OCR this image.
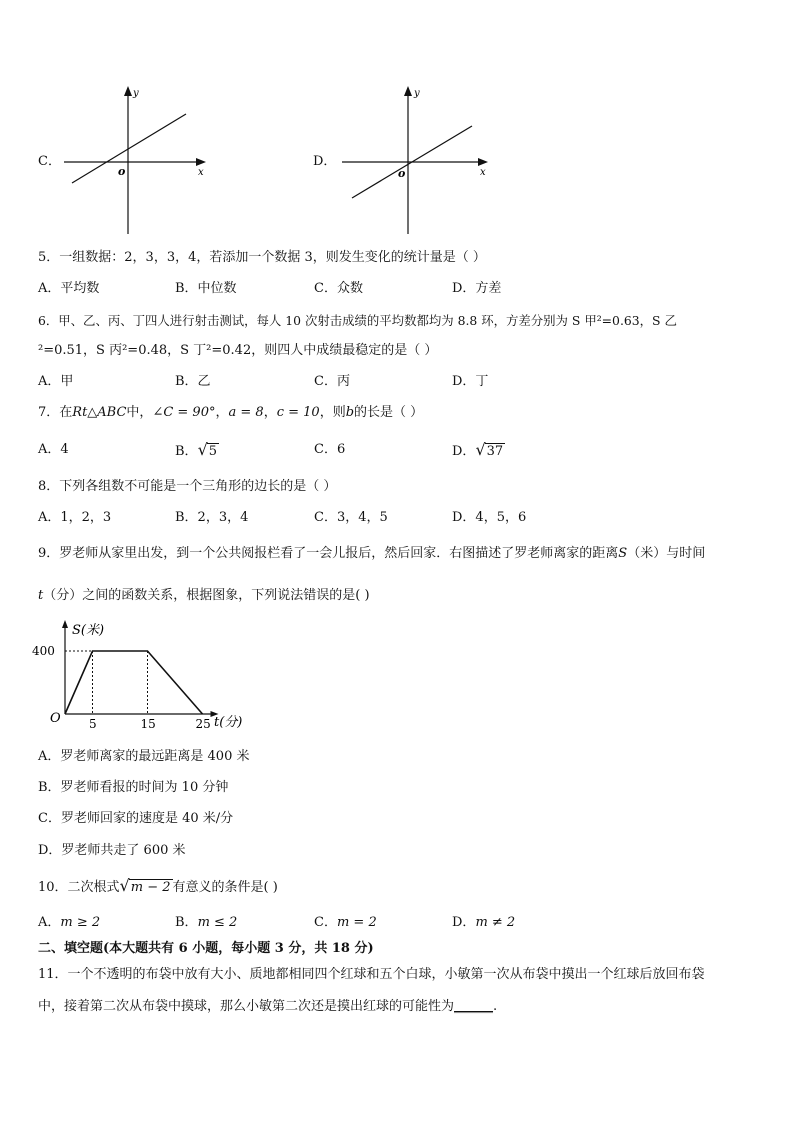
C．
y
x
o
D．
y
x
o
5．一组数据：2，3，3，4，若添加一个数据 3，则发生变化的统计量是（ ）
A．平均数	B．中位数	C．众数	D．方差
6．甲、乙、丙、丁四人进行射击测试，每人 10 次射击成绩的平均数都均为 8.8 环，方差分别为 S 甲²=0.63，S 乙
²=0.51，S 丙²=0.48，S 丁²=0.42，则四人中成绩最稳定的是（ ）
A．甲	B．乙	C．丙	D．丁
7．在Rt△ABC中，∠C = 90°，a = 8，c = 10，则b的长是（ ）
A．4	B．√5	C．6	D．√37
8．下列各组数不可能是一个三角形的边长的是（ ）
A．1，2，3	B．2，3，4	C．3，4，5	D．4，5，6
9．罗老师从家里出发，到一个公共阅报栏看了一会儿报后，然后回家．右图描述了罗老师离家的距离S（米）与时间
t（分）之间的函数关系，根据图象，下列说法错误的是( )
5	15	25
400
S(米)
t(分)
O
A．罗老师离家的最远距离是 400 米
B．罗老师看报的时间为 10 分钟
C．罗老师回家的速度是 40 米/分
D．罗老师共走了 600 米
10．二次根式√m − 2 有意义的条件是( )
A．m ≥ 2	B．m ≤ 2	C．m = 2	D．m ≠ 2
二、填空题(本大题共有 6 小题，每小题 3 分，共 18 分)
11．一个不透明的布袋中放有大小、质地都相同四个红球和五个白球，小敏第一次从布袋中摸出一个红球后放回布袋
中，接着第二次从布袋中摸球，那么小敏第二次还是摸出红球的可能性为______.
